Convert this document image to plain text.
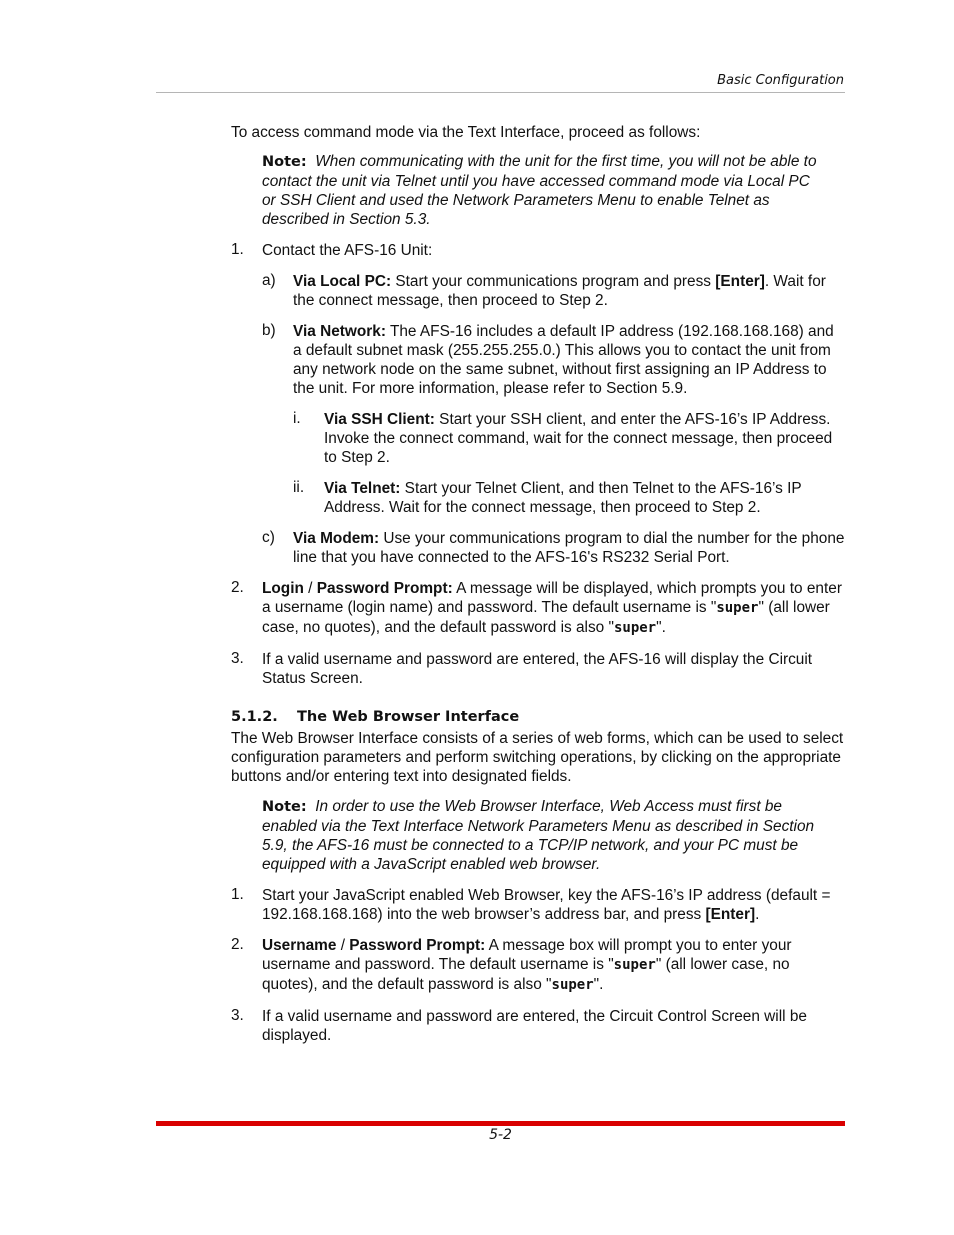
Basic Configuration

To access command mode via the Text Interface, proceed as follows:

Note: When communicating with the unit for the first time, you will not be able to contact the unit via Telnet until you have accessed command mode via Local PC or SSH Client and used the Network Parameters Menu to enable Telnet as described in Section 5.3.

1. Contact the AFS-16 Unit:

a) Via Local PC: Start your communications program and press [Enter]. Wait for the connect message, then proceed to Step 2.

b) Via Network: The AFS-16 includes a default IP address (192.168.168.168) and a default subnet mask (255.255.255.0.) This allows you to contact the unit from any network node on the same subnet, without first assigning an IP Address to the unit. For more information, please refer to Section 5.9.

i. Via SSH Client: Start your SSH client, and enter the AFS-16’s IP Address. Invoke the connect command, wait for the connect message, then proceed to Step 2.

ii. Via Telnet: Start your Telnet Client, and then Telnet to the AFS-16’s IP Address. Wait for the connect message, then proceed to Step 2.

c) Via Modem: Use your communications program to dial the number for the phone line that you have connected to the AFS-16's RS232 Serial Port.

2. Login / Password Prompt: A message will be displayed, which prompts you to enter a username (login name) and password. The default username is "super" (all lower case, no quotes), and the default password is also "super".

3. If a valid username and password are entered, the AFS-16 will display the Circuit Status Screen.

5.1.2. The Web Browser Interface

The Web Browser Interface consists of a series of web forms, which can be used to select configuration parameters and perform switching operations, by clicking on the appropriate buttons and/or entering text into designated fields.

Note: In order to use the Web Browser Interface, Web Access must first be enabled via the Text Interface Network Parameters Menu as described in Section 5.9, the AFS-16 must be connected to a TCP/IP network, and your PC must be equipped with a JavaScript enabled web browser.

1. Start your JavaScript enabled Web Browser, key the AFS-16’s IP address (default = 192.168.168.168) into the web browser’s address bar, and press [Enter].

2. Username / Password Prompt: A message box will prompt you to enter your username and password. The default username is "super" (all lower case, no quotes), and the default password is also "super".

3. If a valid username and password are entered, the Circuit Control Screen will be displayed.

5-2
